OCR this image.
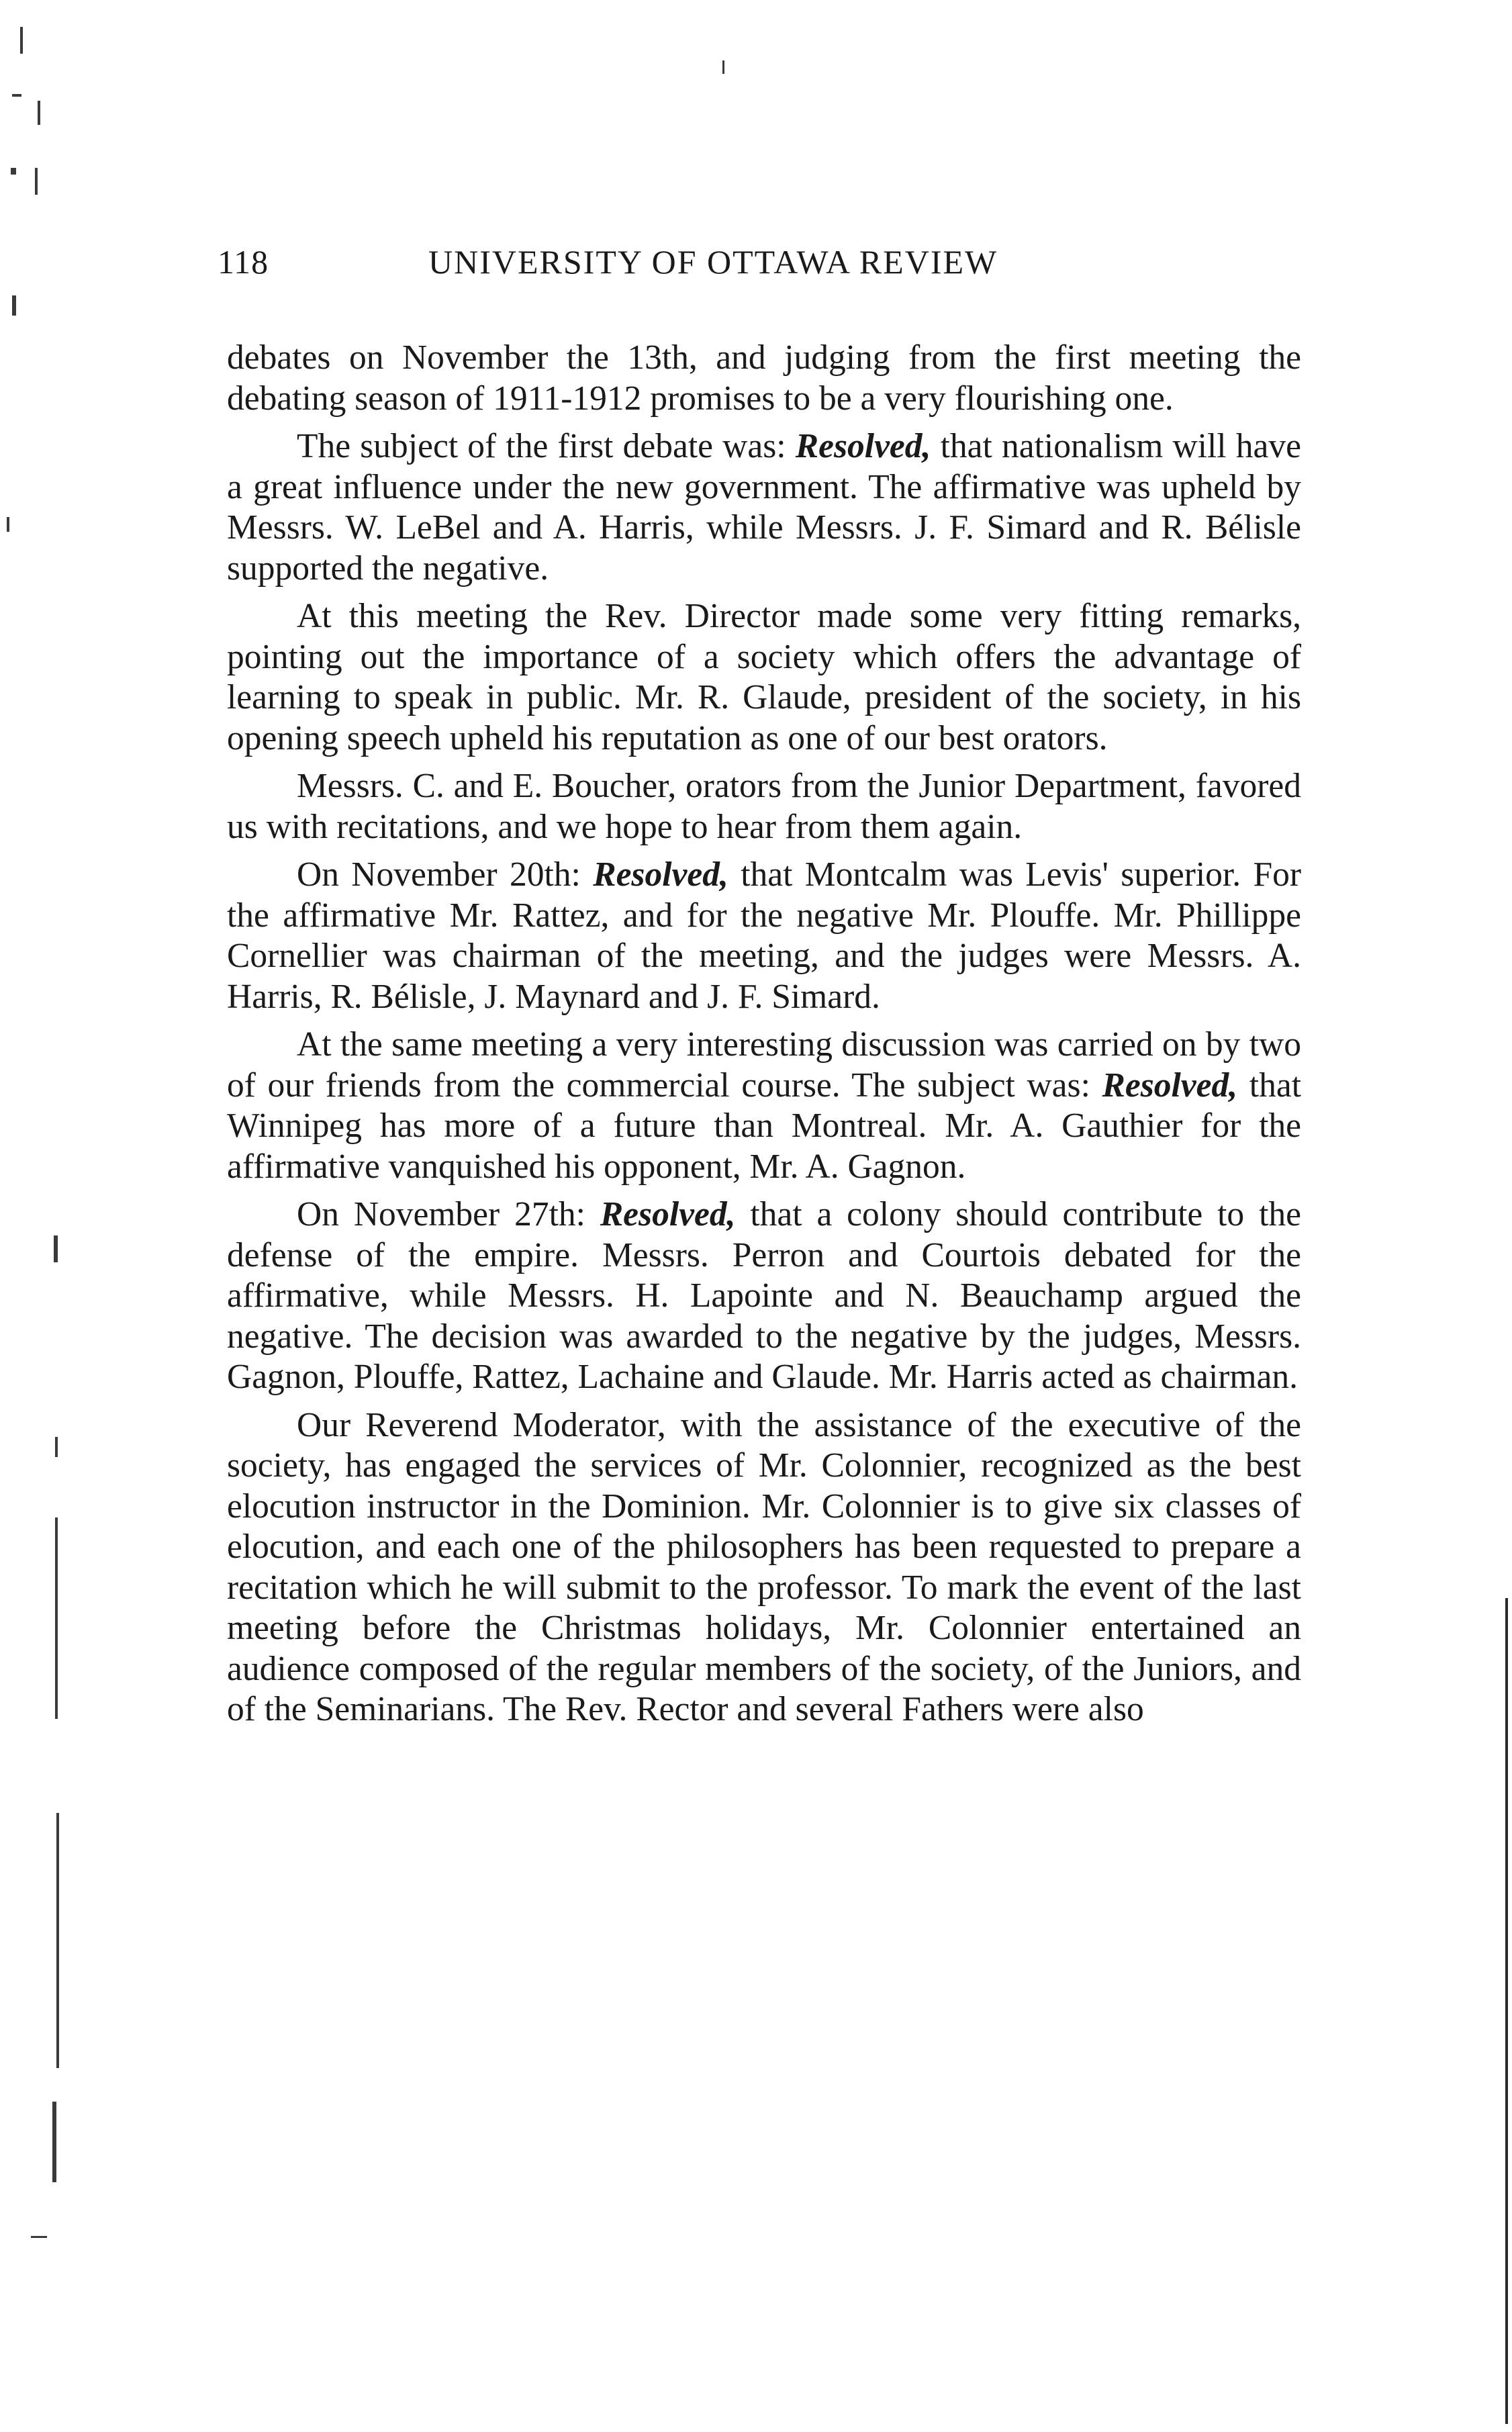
118	UNIVERSITY OF OTTAWA REVIEW

debates on November the 13th, and judging from the first meeting the debating season of 1911-1912 promises to be a very flourishing one.

The subject of the first debate was: Resolved, that nationalism will have a great influence under the new government. The affirmative was upheld by Messrs. W. LeBel and A. Harris, while Messrs. J. F. Simard and R. Bélisle supported the negative.

At this meeting the Rev. Director made some very fitting remarks, pointing out the importance of a society which offers the advantage of learning to speak in public. Mr. R. Glaude, president of the society, in his opening speech upheld his reputation as one of our best orators.

Messrs. C. and E. Boucher, orators from the Junior Department, favored us with recitations, and we hope to hear from them again.

On November 20th: Resolved, that Montcalm was Levis' superior. For the affirmative Mr. Rattez, and for the negative Mr. Plouffe. Mr. Phillippe Cornellier was chairman of the meeting, and the judges were Messrs. A. Harris, R. Bélisle, J. Maynard and J. F. Simard.

At the same meeting a very interesting discussion was carried on by two of our friends from the commercial course. The subject was: Resolved, that Winnipeg has more of a future than Montreal. Mr. A. Gauthier for the affirmative vanquished his opponent, Mr. A. Gagnon.

On November 27th: Resolved, that a colony should contribute to the defense of the empire. Messrs. Perron and Courtois debated for the affirmative, while Messrs. H. Lapointe and N. Beauchamp argued the negative. The decision was awarded to the negative by the judges, Messrs. Gagnon, Plouffe, Rattez, Lachaine and Glaude. Mr. Harris acted as chairman.

Our Reverend Moderator, with the assistance of the executive of the society, has engaged the services of Mr. Colonnier, recognized as the best elocution instructor in the Dominion. Mr. Colonnier is to give six classes of elocution, and each one of the philosophers has been requested to prepare a recitation which he will submit to the professor. To mark the event of the last meeting before the Christmas holidays, Mr. Colonnier entertained an audience composed of the regular members of the society, of the Juniors, and of the Seminarians. The Rev. Rector and several Fathers were also
